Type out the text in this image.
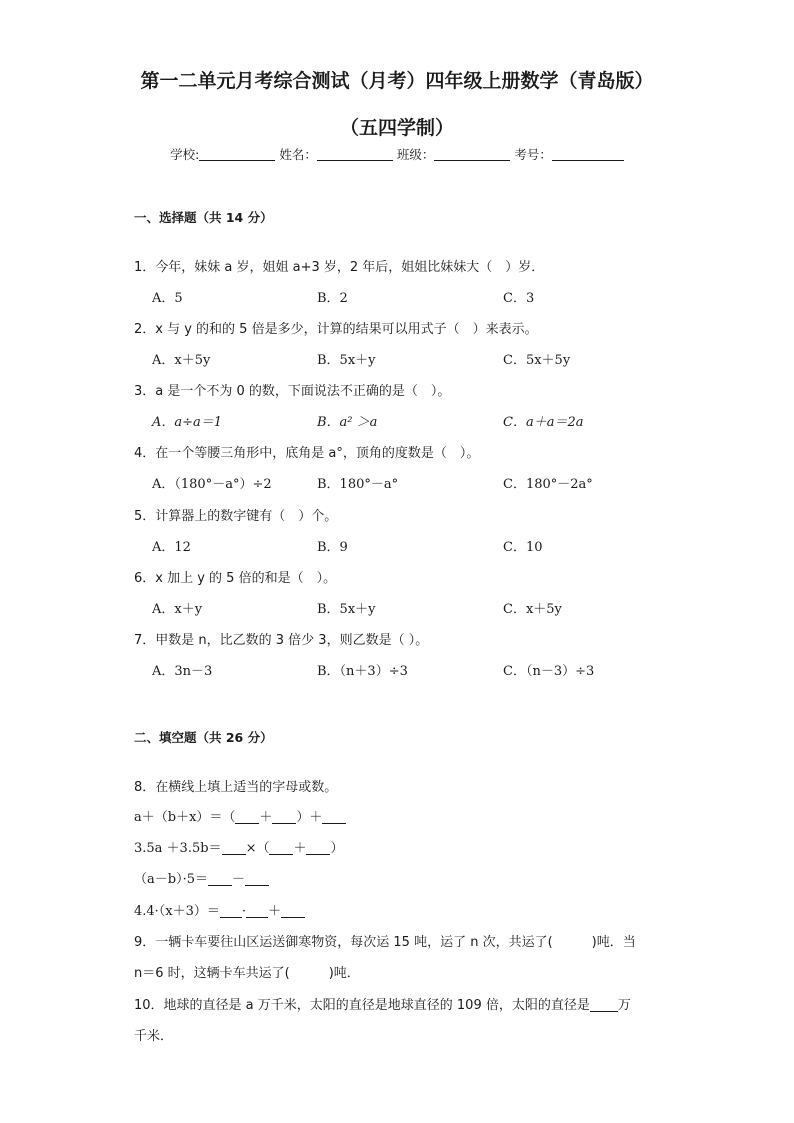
第一二单元月考综合测试（月考）四年级上册数学（青岛版）
（五四学制）
学校:	姓名：	班级：	考号：
一、选择题（共 14 分）
1．今年，妹妹 a 岁，姐姐 a+3 岁，2 年后，姐姐比妹妹大（　）岁．
A．5	B．2	C．3
2．x 与 y 的和的 5 倍是多少，计算的结果可以用式子（　）来表示。
A．x＋5y	B．5x＋y	C．5x＋5y
3．a 是一个不为 0 的数，下面说法不正确的是（　）。
A．a÷a＝1	B．a² ＞a	C．a＋a＝2a
4．在一个等腰三角形中，底角是 a°，顶角的度数是（　）。
A．（180°－a°）÷2	B．180°－a°	C．180°－2a°
5．计算器上的数字键有（　）个。
A．12	B．9	C．10
6．x 加上 y 的 5 倍的和是（　）。
A．x＋y	B．5x＋y	C．x＋5y
7．甲数是 n，比乙数的 3 倍少 3，则乙数是（ ）。
A．3n－3	B．（n＋3）÷3	C．（n－3）÷3
二、填空题（共 26 分）
8．在横线上填上适当的字母或数。
a＋（b＋x）＝（ ＋ ）＋
3.5a ＋3.5b＝ ×（ ＋ ）
（a－b）·5＝ －
4.4·（x＋3）＝ · ＋
9．一辆卡车要往山区运送御寒物资，每次运 15 吨，运了 n 次，共运了(　　　)吨．当
n＝6 时，这辆卡车共运了(　　　)吨．
10．地球的直径是 a 万千米，太阳的直径是地球直径的 109 倍，太阳的直径是 万
千米．
